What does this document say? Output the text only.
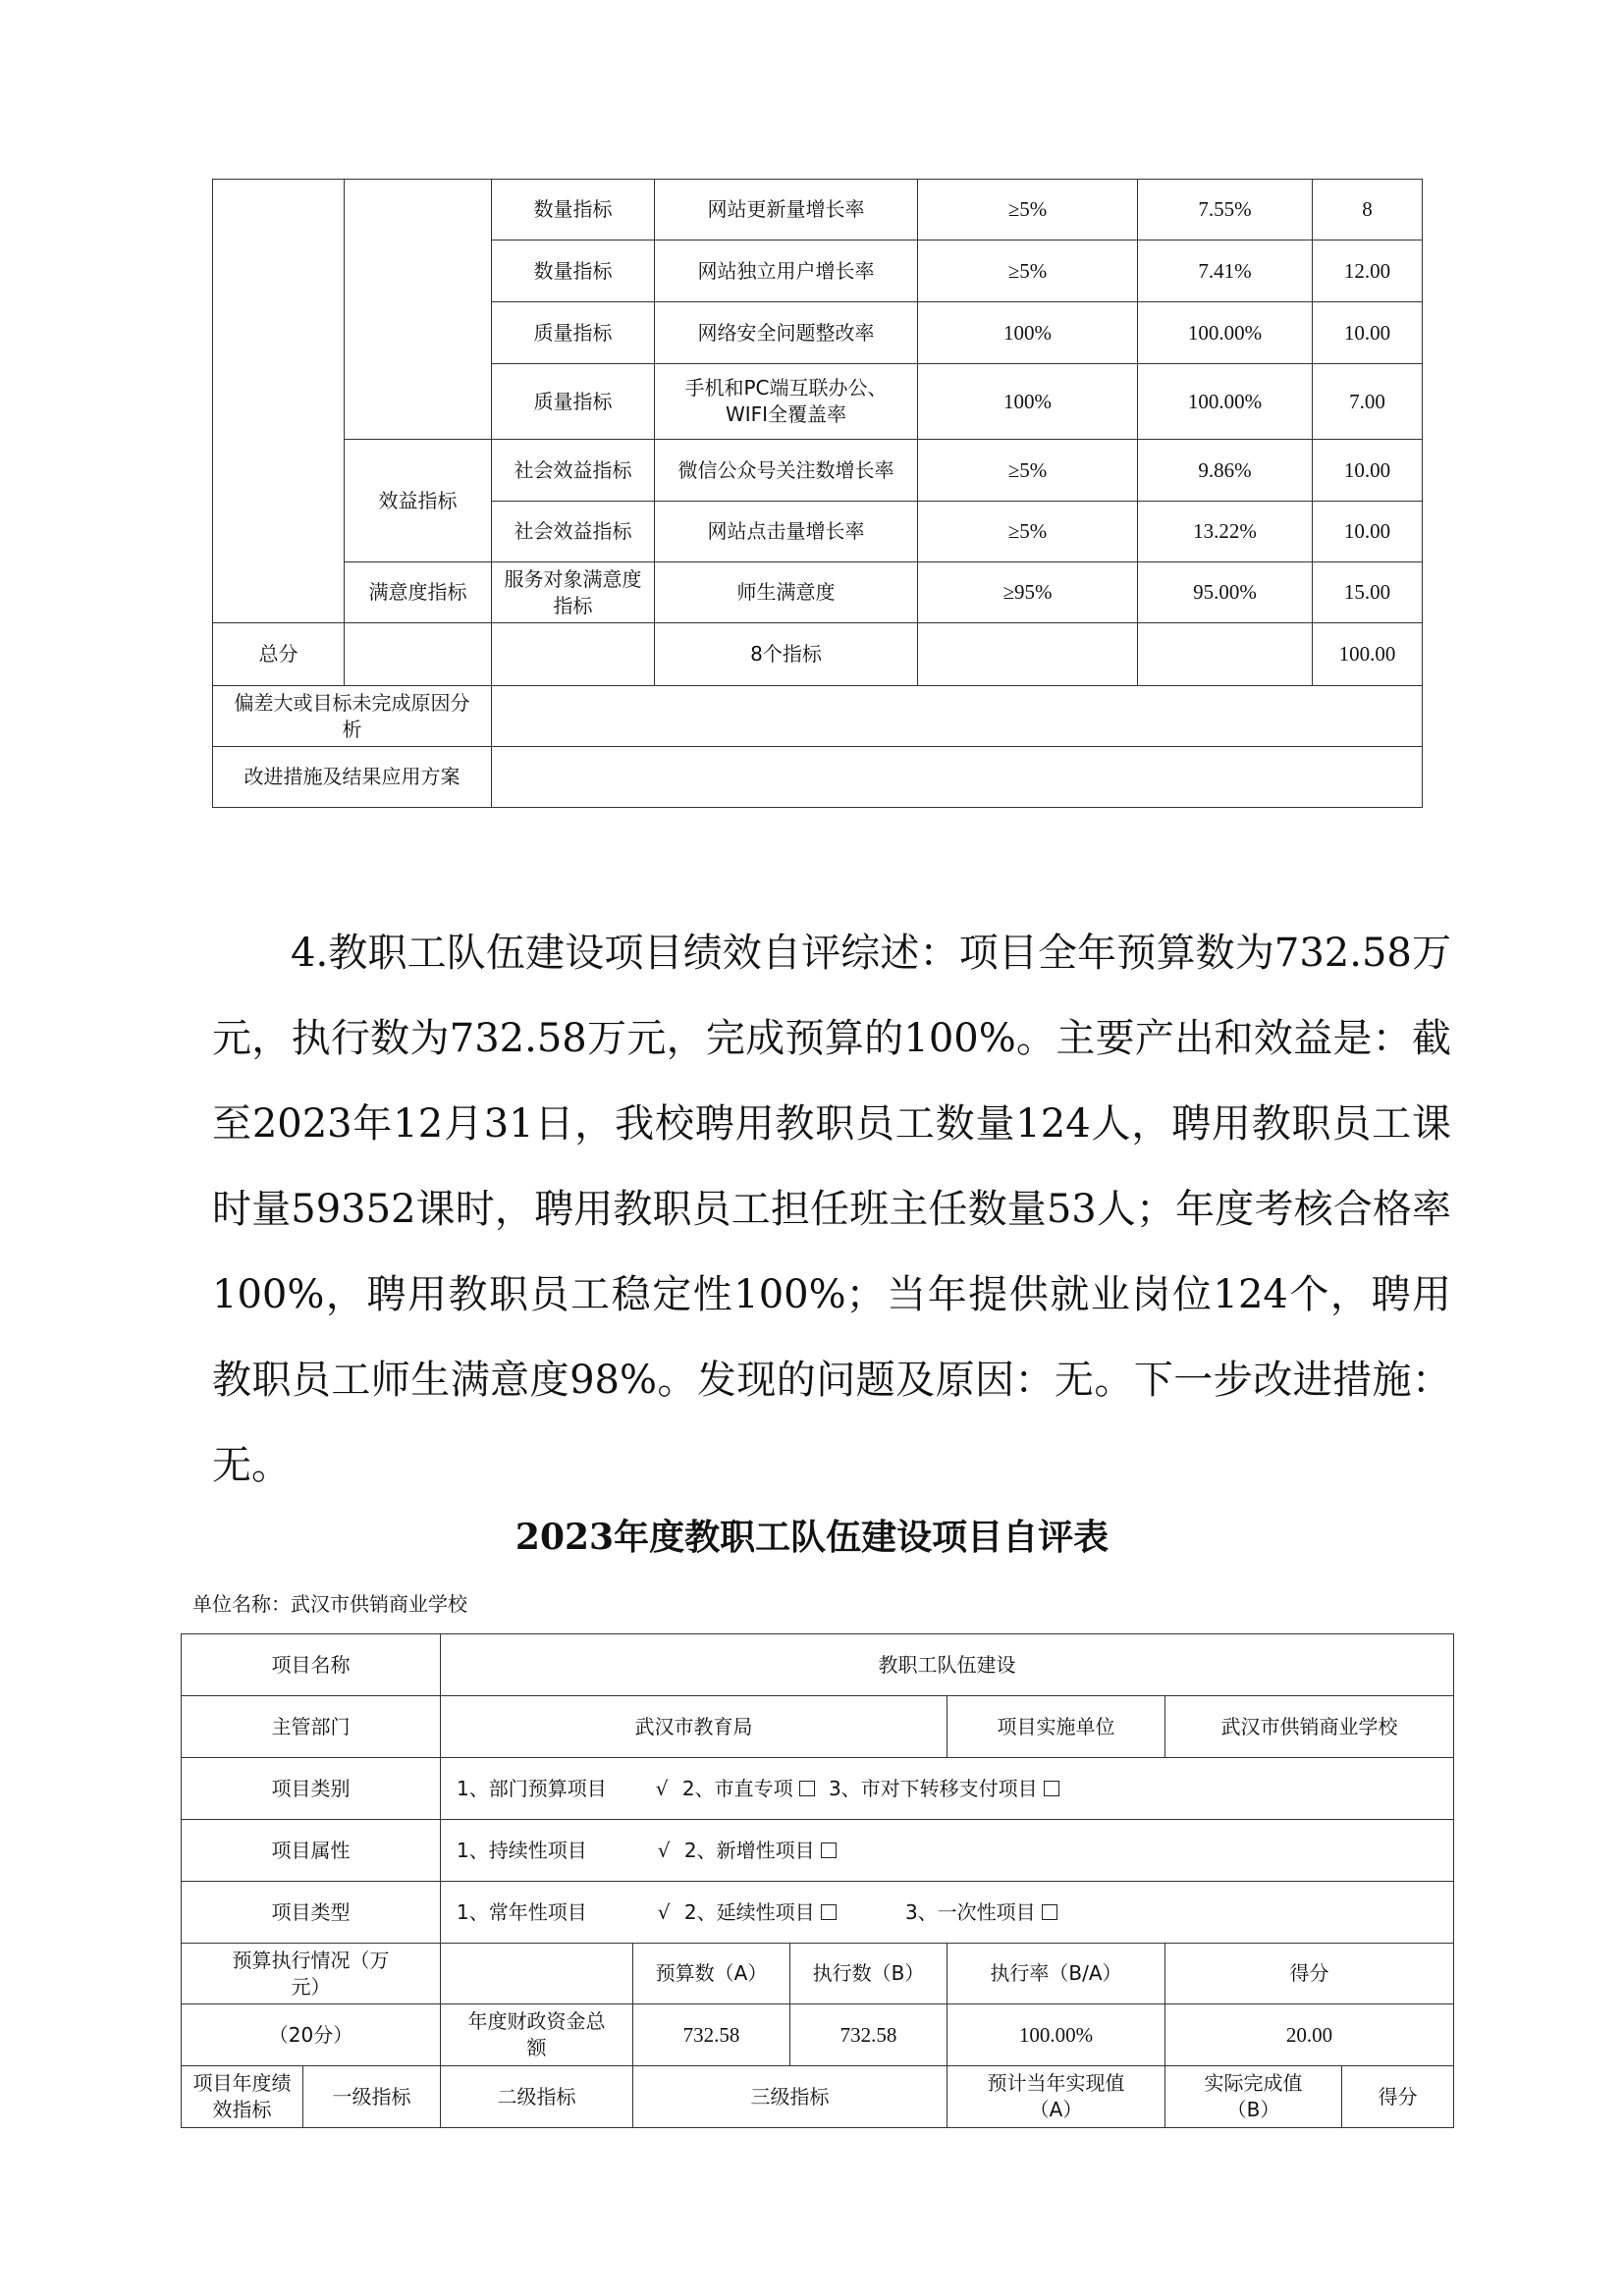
		数量指标	网站更新量增长率	≥5%	7.55%	8
		数量指标	网站独立用户增长率	≥5%	7.41%	12.00
		质量指标	网络安全问题整改率	100%	100.00%	10.00
		质量指标	手机和PC端互联办公、WIFI全覆盖率	100%	100.00%	7.00
	效益指标	社会效益指标	微信公众号关注数增长率	≥5%	9.86%	10.00
		社会效益指标	网站点击量增长率	≥5%	13.22%	10.00
	满意度指标	服务对象满意度指标	师生满意度	≥95%	95.00%	15.00
总分			8个指标			100.00
偏差大或目标未完成原因分析						
改进措施及结果应用方案						

4.教职工队伍建设项目绩效自评综述：项目全年预算数为732.58万元，执行数为732.58万元，完成预算的100%。主要产出和效益是：截至2023年12月31日，我校聘用教职员工数量124人，聘用教职员工课时量59352课时，聘用教职员工担任班主任数量53人；年度考核合格率100%，聘用教职员工稳定性100%；当年提供就业岗位124个，聘用教职员工师生满意度98%。发现的问题及原因：无。下一步改进措施：无。

2023年度教职工队伍建设项目自评表

单位名称：武汉市供销商业学校

项目名称		教职工队伍建设					
主管部门		武汉市教育局			项目实施单位	武汉市供销商业学校	
项目类别		1、部门预算项目 √ 2、市直专项 3、市对下转移支付项目					
项目属性		1、持续性项目 √ 2、新增性项目					
项目类型		1、常年性项目 √ 2、延续性项目 3、一次性项目					
预算执行情况（万元）			预算数（A）	执行数（B）	执行率（B/A）	得分	
（20分）		年度财政资金总额	732.58	732.58	100.00%	20.00	
项目年度绩效指标	一级指标	二级指标	三级指标		预计当年实现值（A）	实际完成值（B）	得分
